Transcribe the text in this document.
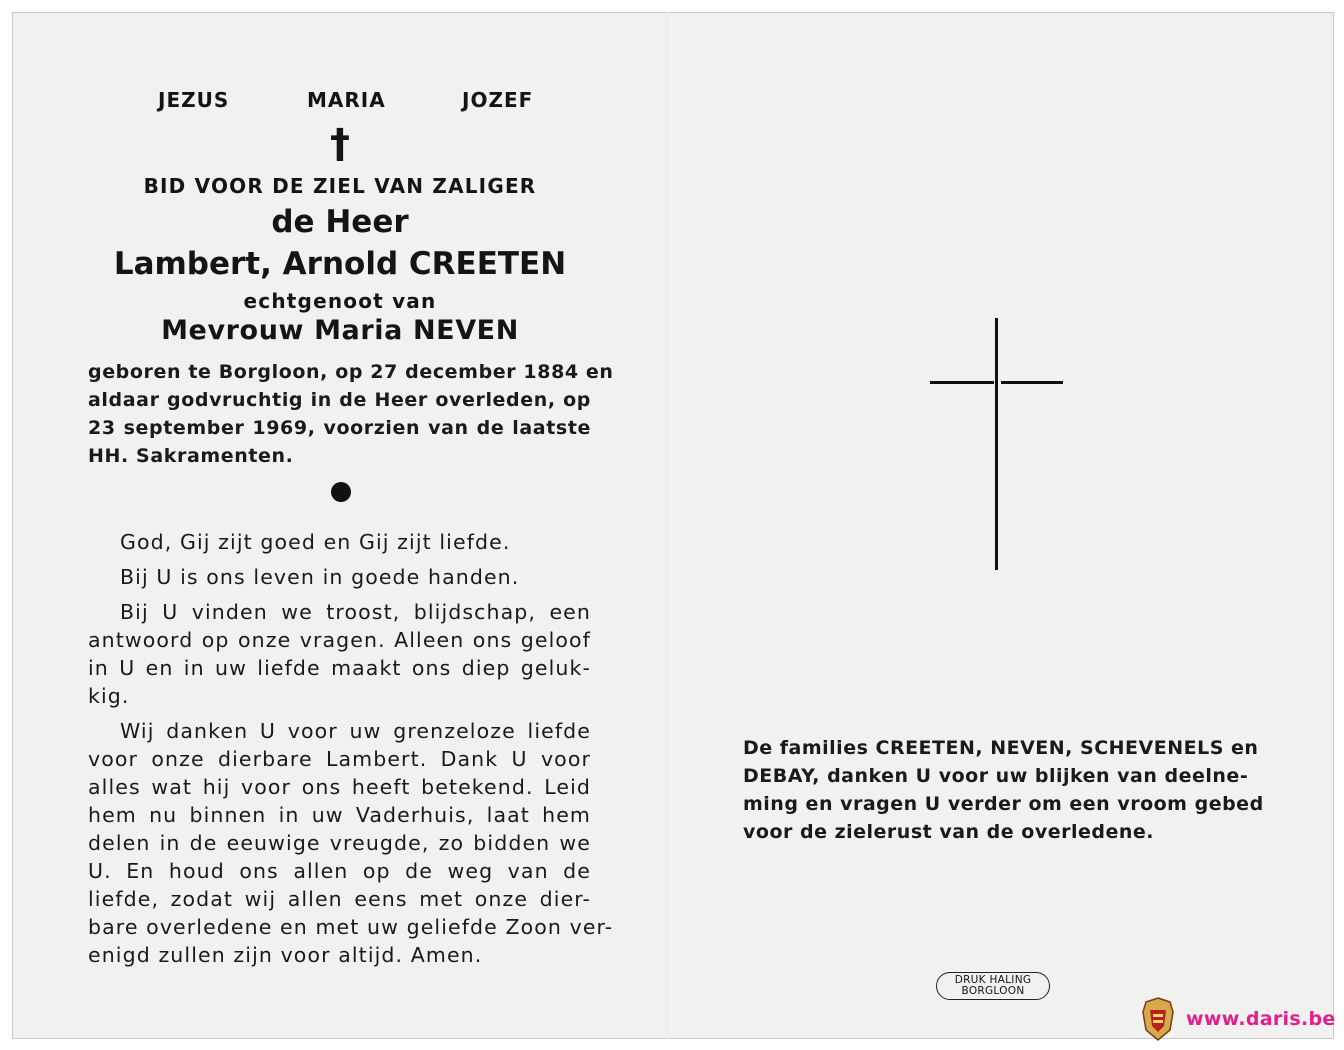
JEZUS	MARIA	JOZEF
†
BID VOOR DE ZIEL VAN ZALIGER
de Heer
Lambert, Arnold CREETEN
echtgenoot van
Mevrouw Maria NEVEN
geboren te Borgloon, op 27 december 1884 en
aldaar godvruchtig in de Heer overleden, op
23 september 1969, voorzien van de laatste
HH. Sakramenten.
God, Gij zijt goed en Gij zijt liefde.
Bij U is ons leven in goede handen.
Bij U vinden we troost, blijdschap, een
antwoord op onze vragen. Alleen ons geloof
in U en in uw liefde maakt ons diep geluk-
kig.
Wij danken U voor uw grenzeloze liefde
voor onze dierbare Lambert. Dank U voor
alles wat hij voor ons heeft betekend. Leid
hem nu binnen in uw Vaderhuis, laat hem
delen in de eeuwige vreugde, zo bidden we
U. En houd ons allen op de weg van de
liefde, zodat wij allen eens met onze dier-
bare overledene en met uw geliefde Zoon ver-
enigd zullen zijn voor altijd. Amen.
De families CREETEN, NEVEN, SCHEVENELS en
DEBAY, danken U voor uw blijken van deelne-
ming en vragen U verder om een vroom gebed
voor de zielerust van de overledene.
DRUK HALING
BORGLOON
www.daris.be
